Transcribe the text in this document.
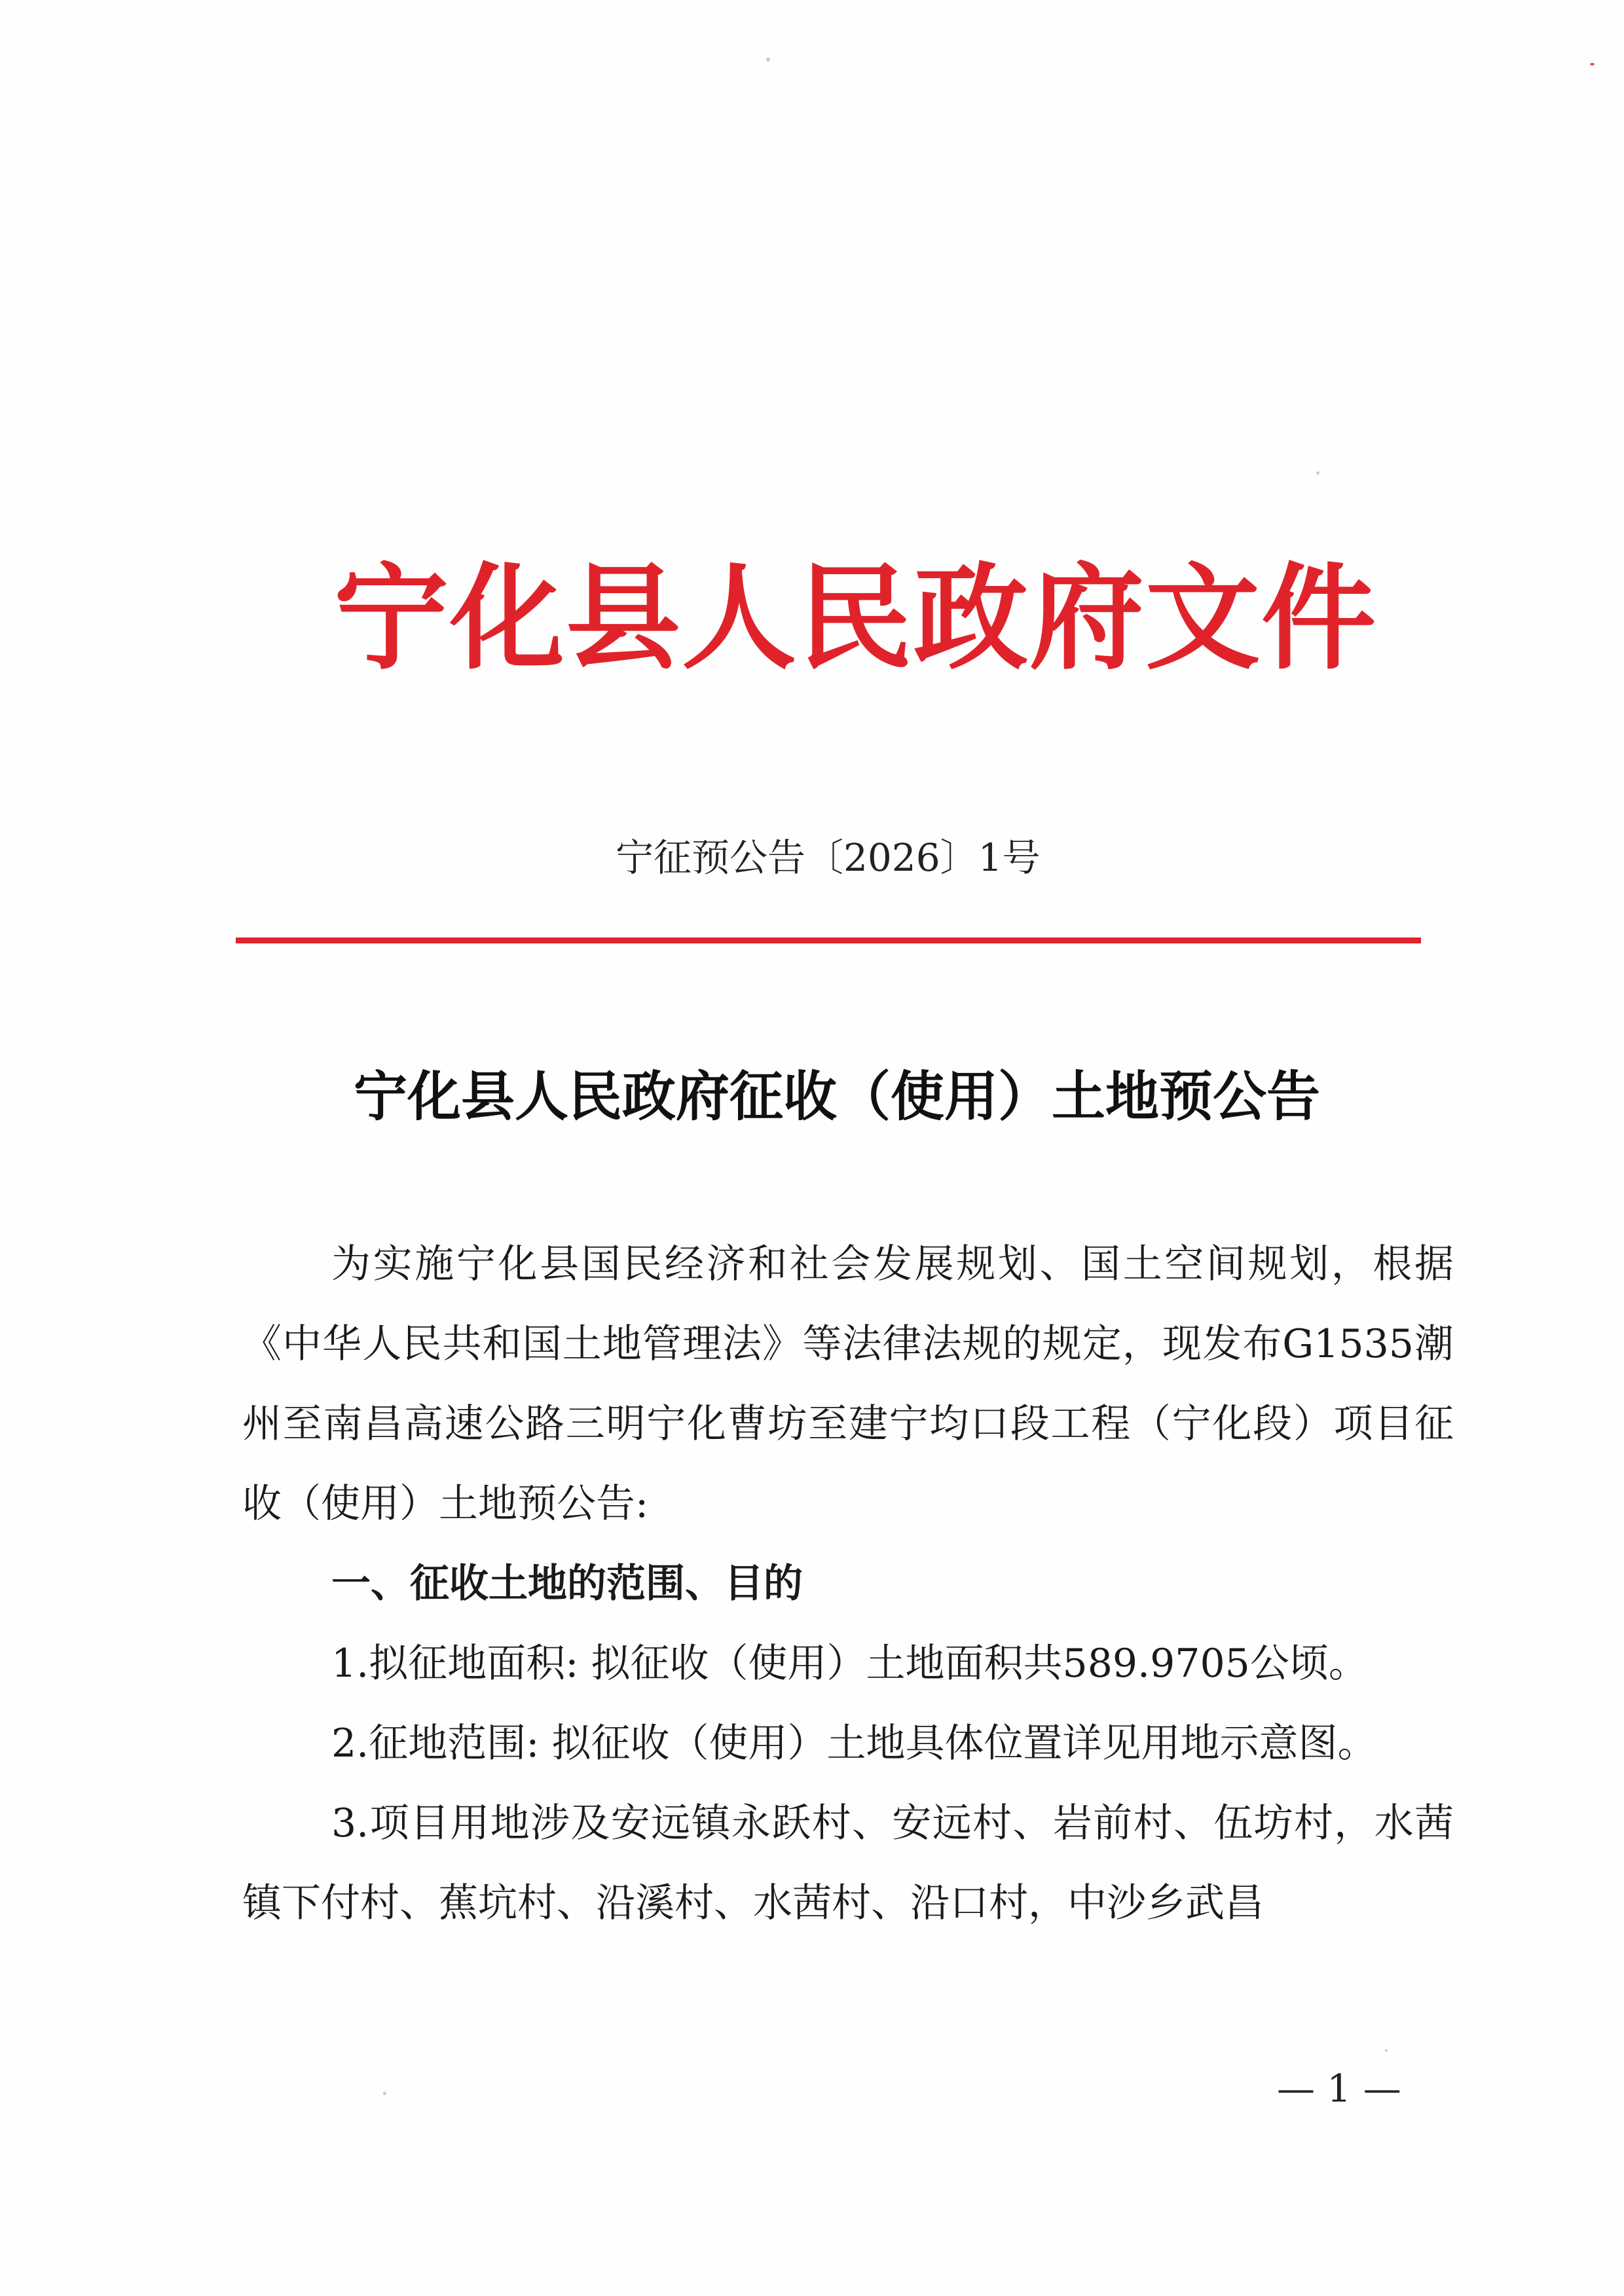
宁化县人民政府文件
宁征预公告〔2026〕1号
宁化县人民政府征收（使用）土地预公告

为实施宁化县国民经济和社会发展规划、国土空间规划，根据《中华人民共和国土地管理法》等法律法规的规定，现发布G1535潮州至南昌高速公路三明宁化曹坊至建宁均口段工程（宁化段）项目征收（使用）土地预公告:

一、征收土地的范围、目的

1.拟征地面积: 拟征收（使用）土地面积共589.9705公顷。

2.征地范围: 拟征收（使用）土地具体位置详见用地示意图。

3.项目用地涉及安远镇永跃村、安远村、岩前村、伍坊村，水茜镇下付村、蕉坑村、沿溪村、水茜村、沿口村，中沙乡武昌

— 1 —
